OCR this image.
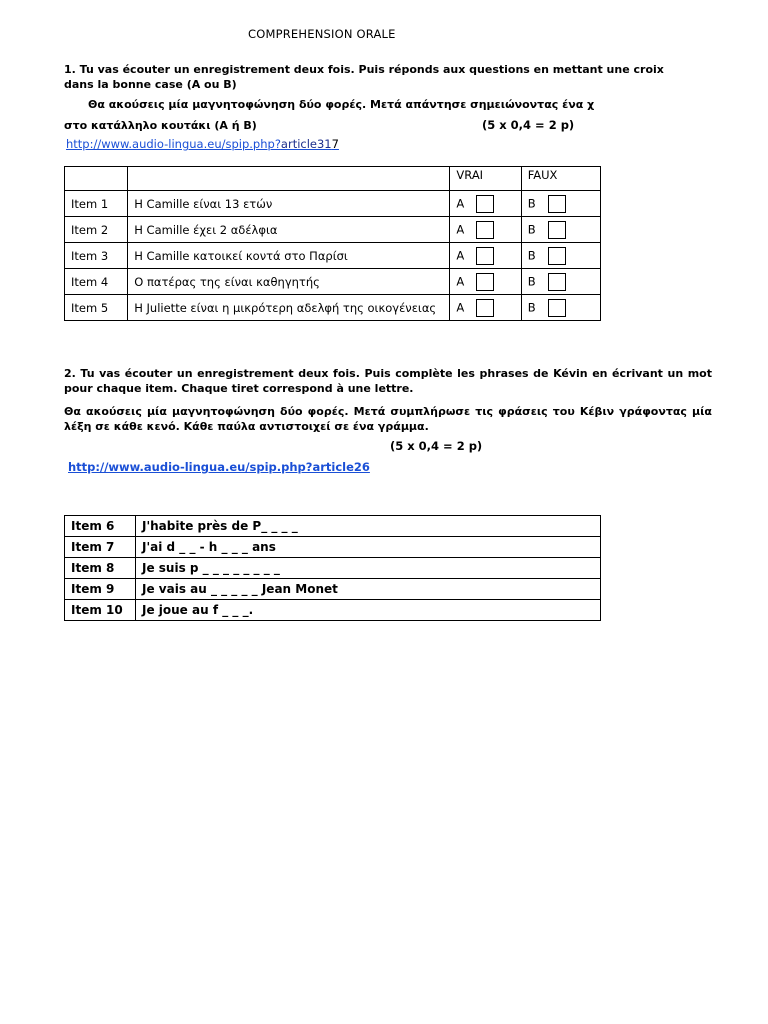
COMPREHENSION ORALE
1. Tu vas écouter un enregistrement deux fois. Puis réponds aux questions en mettant une croix dans la bonne case (A ou B)
Θα ακούσεις μία μαγνητοφώνηση δύο φορές. Μετά απάντησε σημειώνοντας ένα χ
στο κατάλληλο κουτάκι (Α ή Β)	(5 x 0,4 = 2 p)
http://www.audio-lingua.eu/spip.php?article317
		VRAI	FAUX
Item 1	Η Camille είναι 13 ετών	A	B
Item 2	Η Camille έχει 2 αδέλφια	A	B
Item 3	Η Camille κατοικεί κοντά στο Παρίσι	A	B
Item 4	Ο πατέρας της είναι καθηγητής	A	B
Item 5	Η Juliette είναι η μικρότερη αδελφή της οικογένειας	A	B
2. Tu vas écouter un enregistrement deux fois. Puis complète les phrases de Kévin en écrivant un mot pour chaque item. Chaque tiret correspond à une lettre.
Θα ακούσεις μία μαγνητοφώνηση δύο φορές. Μετά συμπλήρωσε τις φράσεις του Κέβιν γράφοντας μία λέξη σε κάθε κενό. Κάθε παύλα αντιστοιχεί σε ένα γράμμα.
(5 x 0,4 = 2 p)
http://www.audio-lingua.eu/spip.php?article26
Item 6	J'habite près de P_ _ _ _
Item 7	J'ai d _ _ - h _ _ _ ans
Item 8	Je suis p _ _ _ _ _ _ _ _
Item 9	Je vais au _ _ _ _ _ Jean Monet
Item 10	Je joue au f _ _ _.
